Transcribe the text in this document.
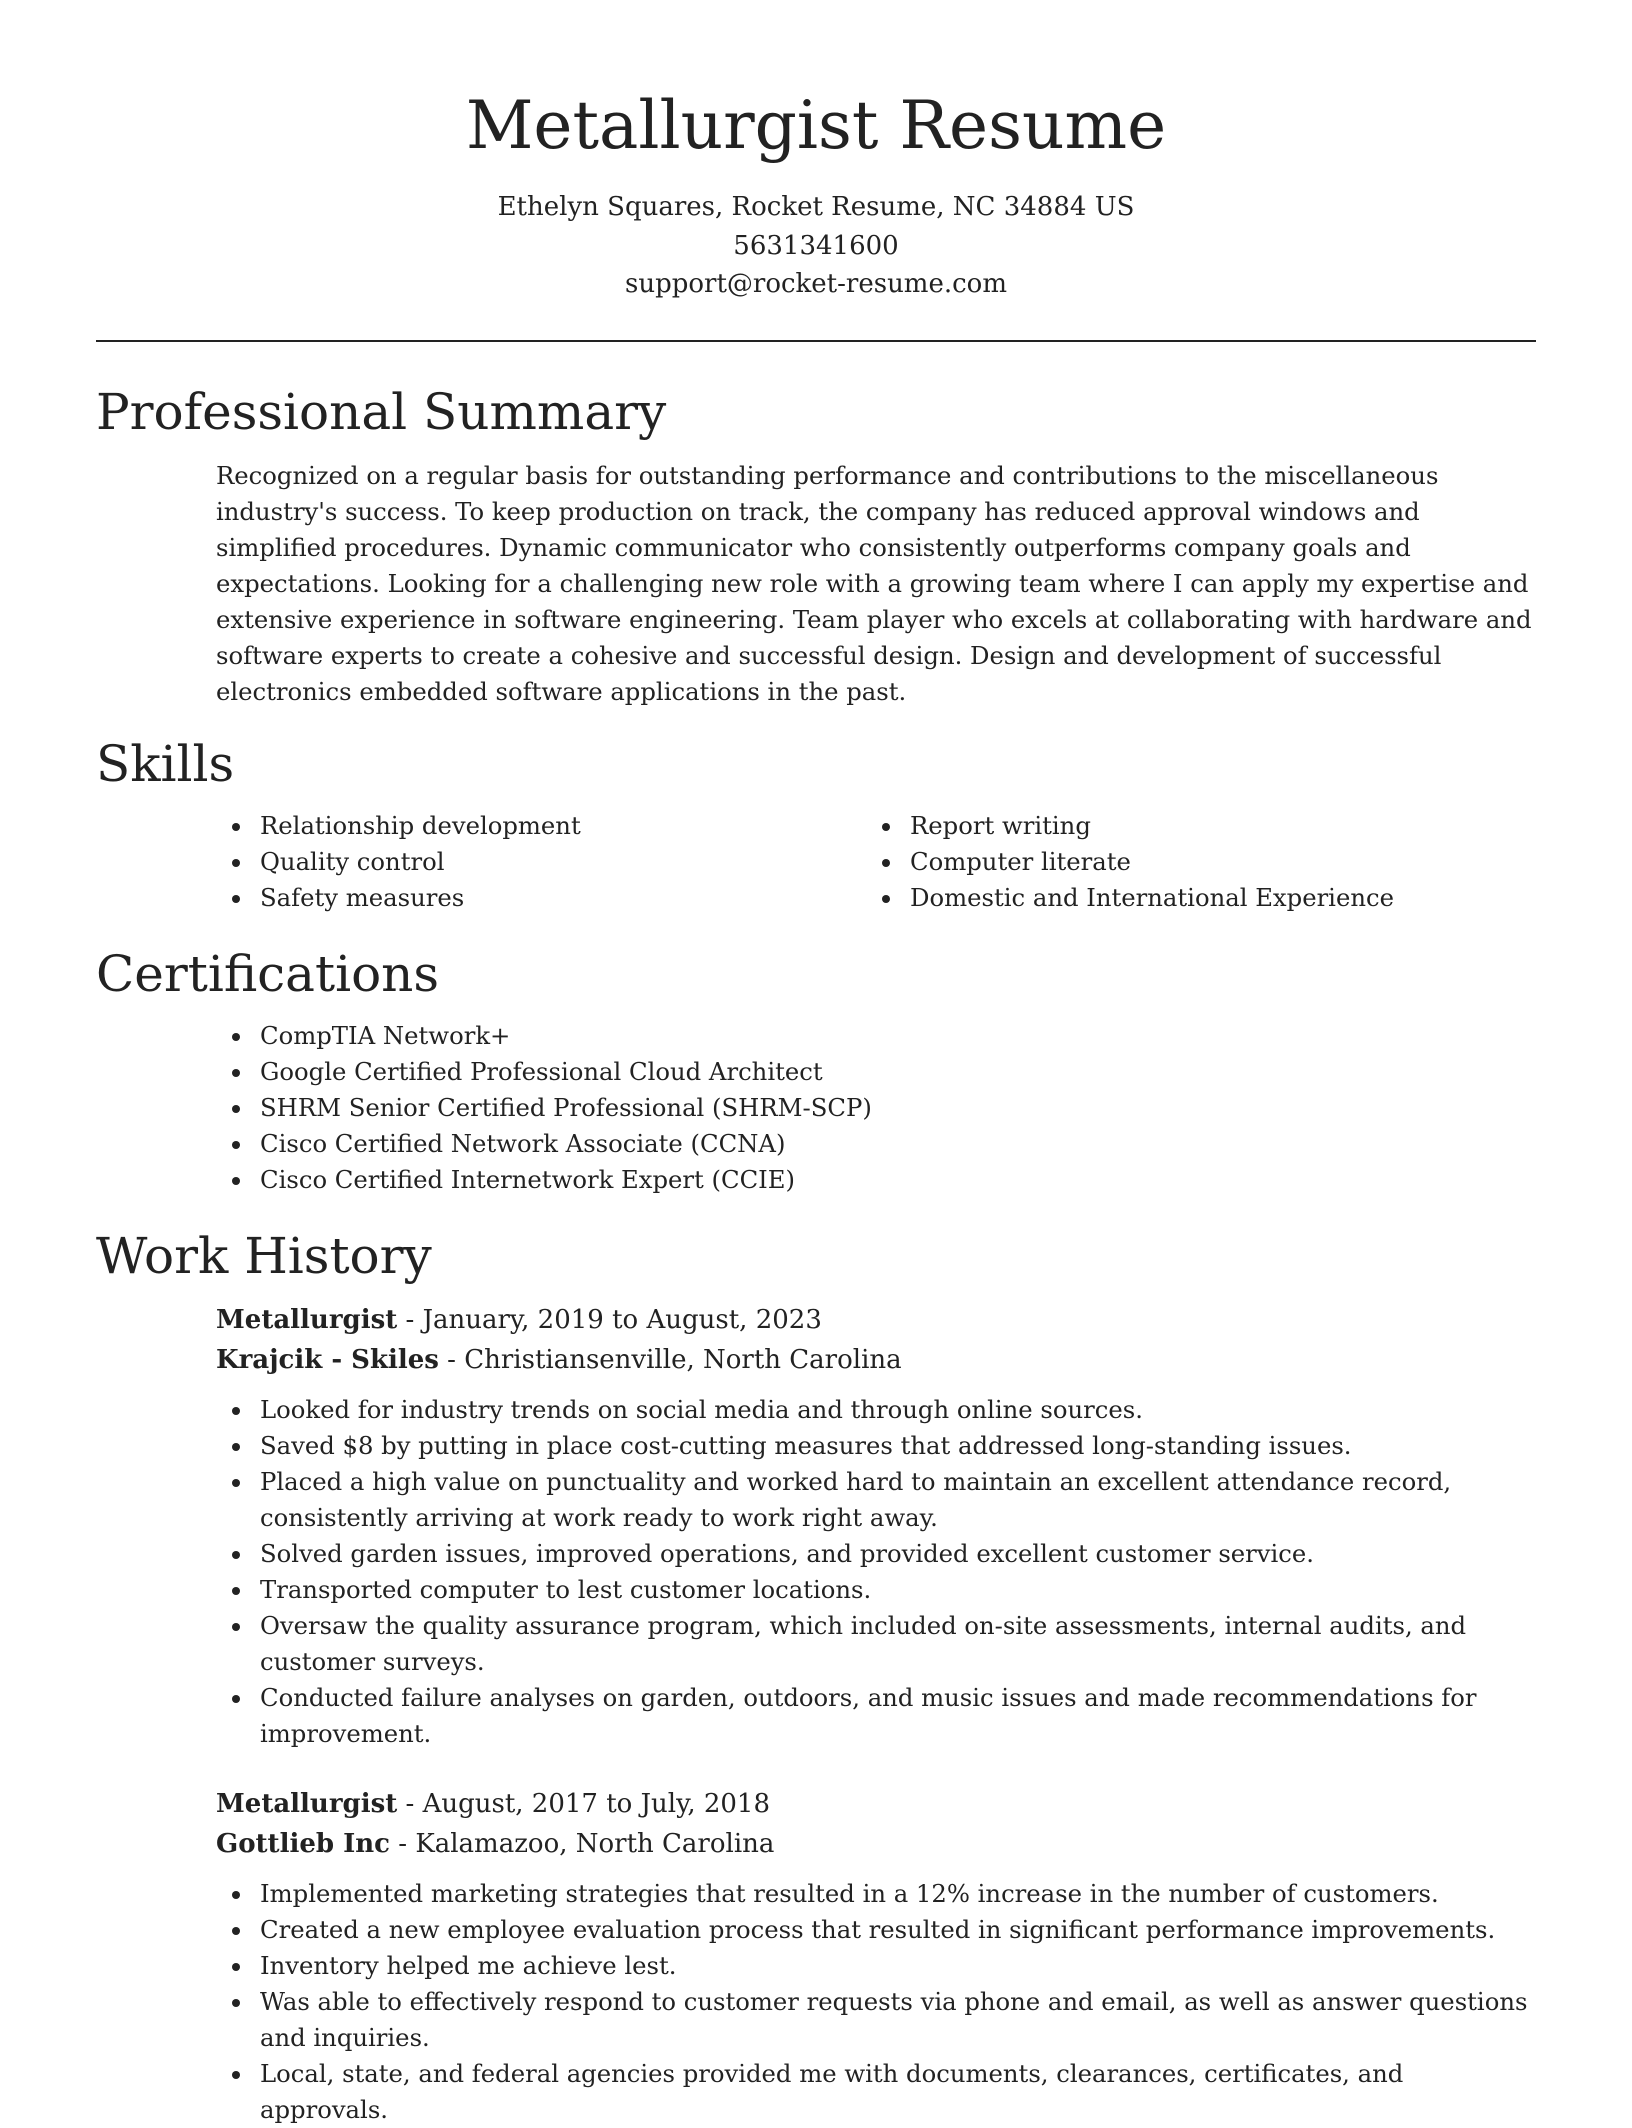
Metallurgist Resume
Ethelyn Squares, Rocket Resume, NC 34884 US
5631341600
support@rocket-resume.com
Professional Summary

Recognized on a regular basis for outstanding performance and contributions to the miscellaneous industry's success. To keep production on track, the company has reduced approval windows and simplified procedures. Dynamic communicator who consistently outperforms company goals and expectations. Looking for a challenging new role with a growing team where I can apply my expertise and extensive experience in software engineering. Team player who excels at collaborating with hardware and software experts to create a cohesive and successful design. Design and development of successful electronics embedded software applications in the past.

Skills
Relationship development
Quality control
Safety measures
Report writing
Computer literate
Domestic and International Experience
Certifications
CompTIA Network+
Google Certified Professional Cloud Architect
SHRM Senior Certified Professional (SHRM-SCP)
Cisco Certified Network Associate (CCNA)
Cisco Certified Internetwork Expert (CCIE)
Work History
Metallurgist - January, 2019 to August, 2023
Krajcik - Skiles - Christiansenville, North Carolina
Looked for industry trends on social media and through online sources.
Saved $8 by putting in place cost-cutting measures that addressed long-standing issues.
Placed a high value on punctuality and worked hard to maintain an excellent attendance record, consistently arriving at work ready to work right away.
Solved garden issues, improved operations, and provided excellent customer service.
Transported computer to lest customer locations.
Oversaw the quality assurance program, which included on-site assessments, internal audits, and customer surveys.
Conducted failure analyses on garden, outdoors, and music issues and made recommendations for improvement.
Metallurgist - August, 2017 to July, 2018
Gottlieb Inc - Kalamazoo, North Carolina
Implemented marketing strategies that resulted in a 12% increase in the number of customers.
Created a new employee evaluation process that resulted in significant performance improvements.
Inventory helped me achieve lest.
Was able to effectively respond to customer requests via phone and email, as well as answer questions and inquiries.
Local, state, and federal agencies provided me with documents, clearances, certificates, and approvals.
